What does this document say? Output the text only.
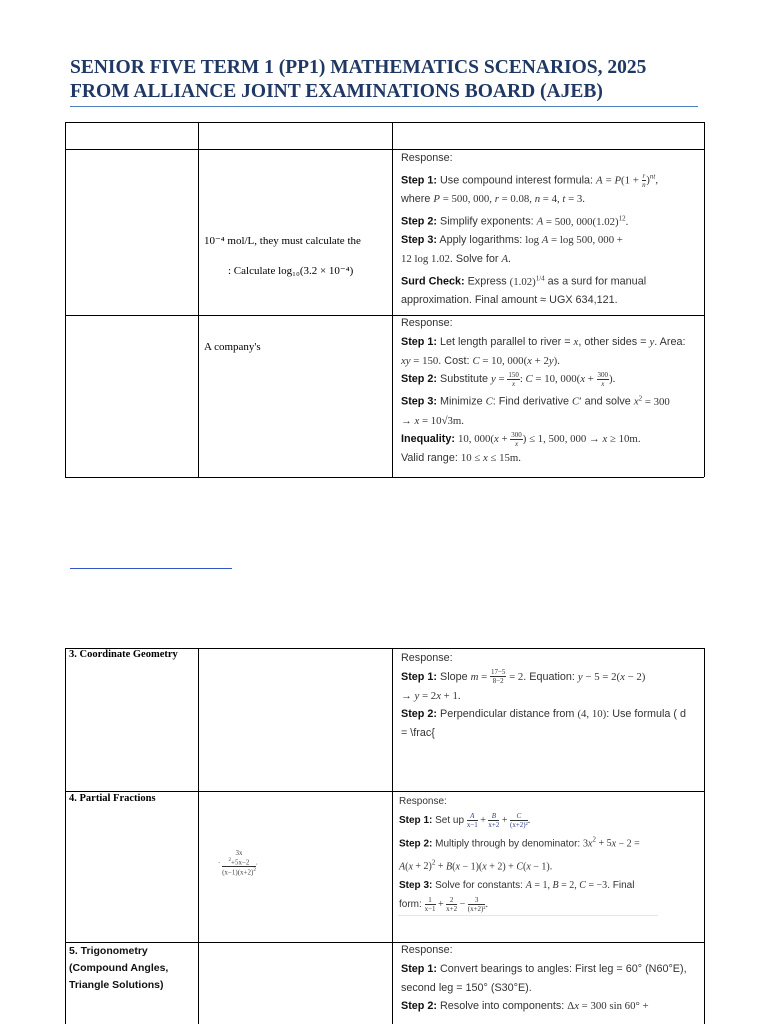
SENIOR FIVE TERM 1 (PP1) MATHEMATICS SCENARIOS, 2025
FROM ALLIANCE JOINT EXAMINATIONS BOARD (AJEB)
10⁻⁴ mol/L, they must calculate the
: Calculate log₁₀(3.2 × 10⁻⁴)
Response:
Step 1: Use compound interest formula: $A = P(1 + \frac{r}{n} )^{nt}$,
where P = 500, 000, r = 0.08, n = 4, t = 3.
Step 2: Simplify exponents: A = 500, $000(1.02)^{12}$.
Step 3: Apply logarithms: log A = log 500, 000 +
12 log 1.02. Solve for A.
Surd Check: Express $(1.02)^{1/4}$ as a surd for manual
approximation. Final amount ≈ UGX 634,121.
A company's
Response:
Step 1: Let length parallel to river = x, other sides = y. Area:
xy = 150. Cost: C = 10, 000(x + 2y).
Step 2: Substitute $y = \frac{150}{x}$ : C = 10, $000(x + \frac{300}{x}$ ).
Step 3: Minimize C: Find derivative C′ and solve $x^2 = 300$
→ x = 10√3m.
Inequality: 10, $000(x + \frac{300}{x}$ ) ≤ 1, 500, 000 → x ≥ 10m.
Valid range: 10 ≤ x ≤ 15m.
3. Coordinate Geometry	Response:
Step 1: Slope $m = \frac{17-5}{8-2} = 2$. Equation: y − 5 = 2(x − 2)
→ y = 2x + 1.
Step 2: Perpendicular distance from (4, 10): Use formula ( d
= \frac{
4. Partial Fractions
· 3x
$^2$+5x−2
$(x-1)(x+2)^2$ .
Response:
Step 1: Set up $\frac{A}{x-1} + \frac{B}{x+2} + \frac{C}{\text{(x+2)²}}$ .
Step 2: Multiply through by denominator: $3x^2 + 5x - 2$ =
$A(x + 2)^2 + B(x - 1)(x + 2) + C(x - 1)$.
Step 3: Solve for constants: A = 1, B = 2, C = −3. Final
form: $\frac{1}{x-1} + \frac{2}{x+2} - \frac{3}{\text{(x+2)²}}$ .
5. Trigonometry
(Compound Angles,
Triangle Solutions)
Response:
Step 1: Convert bearings to angles: First leg = 60° (N60°E),
second leg = 150° (S30°E).
Step 2: Resolve into components: Δx = 300 sin 60° +
